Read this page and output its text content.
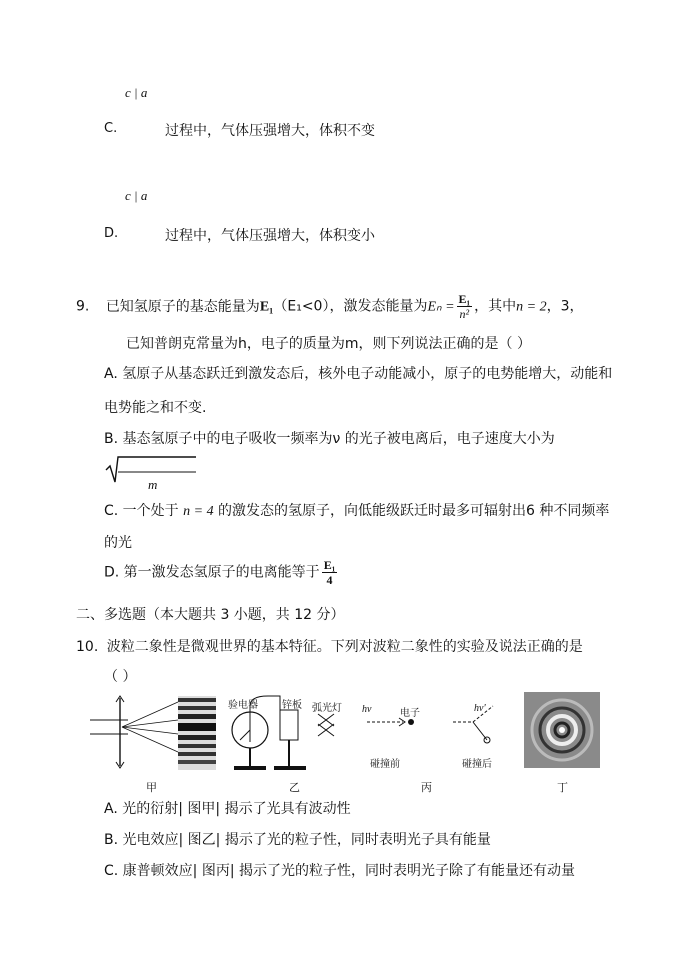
c | a
C.	过程中，气体压强增大，体积不变
c | a
D.	过程中，气体压强增大，体积变小
9. 已知氢原子的基态能量为E₁（E₁<0），激发态能量为$E_n = \frac{\text{E₁}}{\text{n²}}$ ，其中n = 2，3，
已知普朗克常量为h，电子的质量为m，则下列说法正确的是（ ）
A. 氢原子从基态跃迁到激发态后，核外电子动能减小，原子的电势能增大，动能和
电势能之和不变.
B. 基态氢原子中的电子吸收一频率为ν 的光子被电离后，电子速度大小为
m
C. 一个处于 n = 4 的激发态的氢原子，向低能级跃迁时最多可辐射出6 种不同频率
的光
D. 第一激发态氢原子的电离能等于 $\frac{\text{E₁}}{4}$
二、多选题（本大题共 3 小题，共 12 分）
10. 波粒二象性是微观世界的基本特征。下列对波粒二象性的实验及说法正确的是
（ ）
甲
验电器 锌板 弧光灯
乙
hν	电子	hν'
碰撞前	碰撞后
丙	丁
A. 光的衍射| 图甲| 揭示了光具有波动性
B. 光电效应| 图乙| 揭示了光的粒子性，同时表明光子具有能量
C. 康普顿效应| 图丙| 揭示了光的粒子性，同时表明光子除了有能量还有动量
